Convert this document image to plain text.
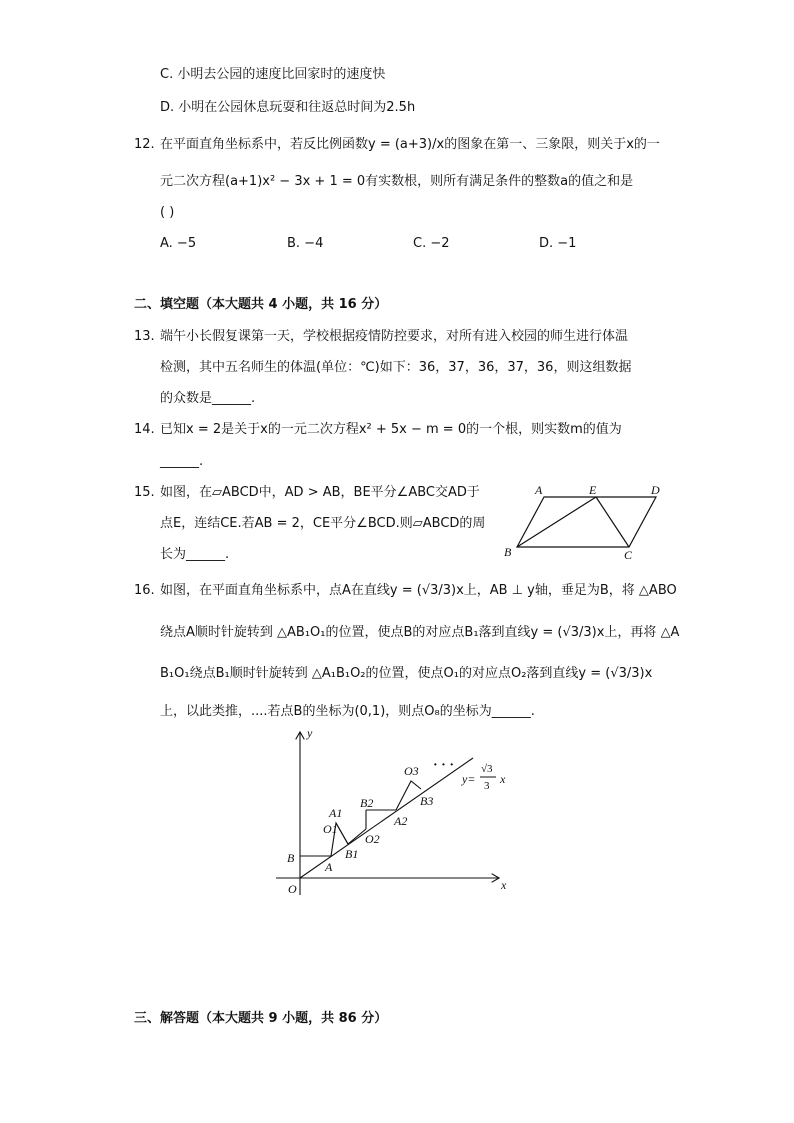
C. 小明去公园的速度比回家时的速度快
D. 小明在公园休息玩耍和往返总时间为2.5h
12. 在平面直角坐标系中，若反比例函数y = (a+3)/x的图象在第一、三象限，则关于x的一
元二次方程(a+1)x² − 3x + 1 = 0有实数根，则所有满足条件的整数a的值之和是
( )
A. −5	B. −4	C. −2	D. −1
二、填空题（本大题共 4 小题，共 16 分）
13. 端午小长假复课第一天，学校根据疫情防控要求，对所有进入校园的师生进行体温
检测，其中五名师生的体温(单位：℃)如下：36，37，36，37，36，则这组数据
的众数是______.
14. 已知x = 2是关于x的一元二次方程x² + 5x − m = 0的一个根，则实数m的值为
______.
15. 如图，在▱ABCD中，AD > AB，BE平分∠ABC交AD于
点E，连结CE.若AB = 2，CE平分∠BCD.则▱ABCD的周
长为______.
A	E	D
B	C
16. 如图，在平面直角坐标系中，点A在直线y = (√3/3)x上，AB ⊥ y轴，垂足为B，将 △ABO
绕点A顺时针旋转到 △AB₁O₁的位置，使点B的对应点B₁落到直线y = (√3/3)x上，再将 △A
B₁O₁绕点B₁顺时针旋转到 △A₁B₁O₂的位置，使点O₁的对应点O₂落到直线y = (√3/3)x
上，以此类推，....若点B的坐标为(0,1)，则点O₈的坐标为______.
y
x
O
B
A
A1
O1
B1
B2
O2
A2
O3
B3
· · ·
y=
√3
3 x
三、解答题（本大题共 9 小题，共 86 分）
